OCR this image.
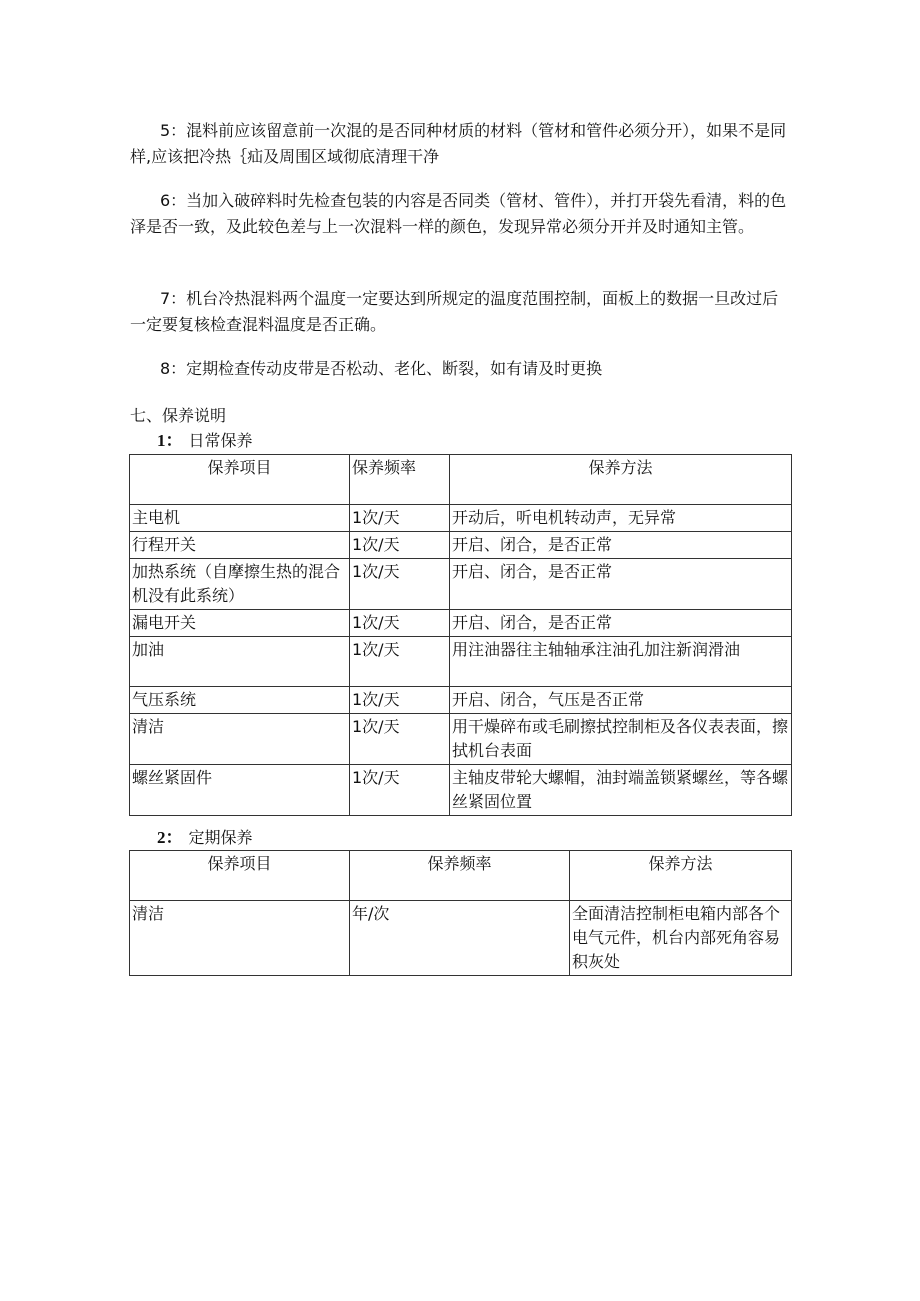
5：混料前应该留意前一次混的是否同种材质的材料（管材和管件必须分开），如果不是同样,应该把冷热｛疝及周围区域彻底清理干净

6：当加入破碎料时先检查包装的内容是否同类（管材、管件），并打开袋先看清，料的色泽是否一致，及此较色差与上一次混料一样的颜色，发现异常必须分开并及时通知主管。

7：机台冷热混料两个温度一定要达到所规定的温度范围控制，面板上的数据一旦改过后一定要复核检查混料温度是否正确。

8：定期检查传动皮带是否松动、老化、断裂，如有请及时更换

七、保养说明

1： 日常保养

保养项目	保养频率	保养方法
主电机	1次/天	开动后，听电机转动声，无异常
行程开关	1次/天	开启、闭合，是否正常
加热系统（自摩擦生热的混合机没有此系统）	1次/天	开启、闭合，是否正常
漏电开关	1次/天	开启、闭合，是否正常
加油	1次/天	用注油器往主轴轴承注油孔加注新润滑油
气压系统	1次/天	开启、闭合，气压是否正常
清洁	1次/天	用干燥碎布或毛刷擦拭控制柜及各仪表表面，擦拭机台表面
螺丝紧固件	1次/天	主轴皮带轮大螺帽，油封端盖锁紧螺丝，等各螺丝紧固位置

2： 定期保养

保养项目	保养频率	保养方法
清洁	年/次	全面清洁控制柜电箱内部各个电气元件，机台内部死角容易积灰处
